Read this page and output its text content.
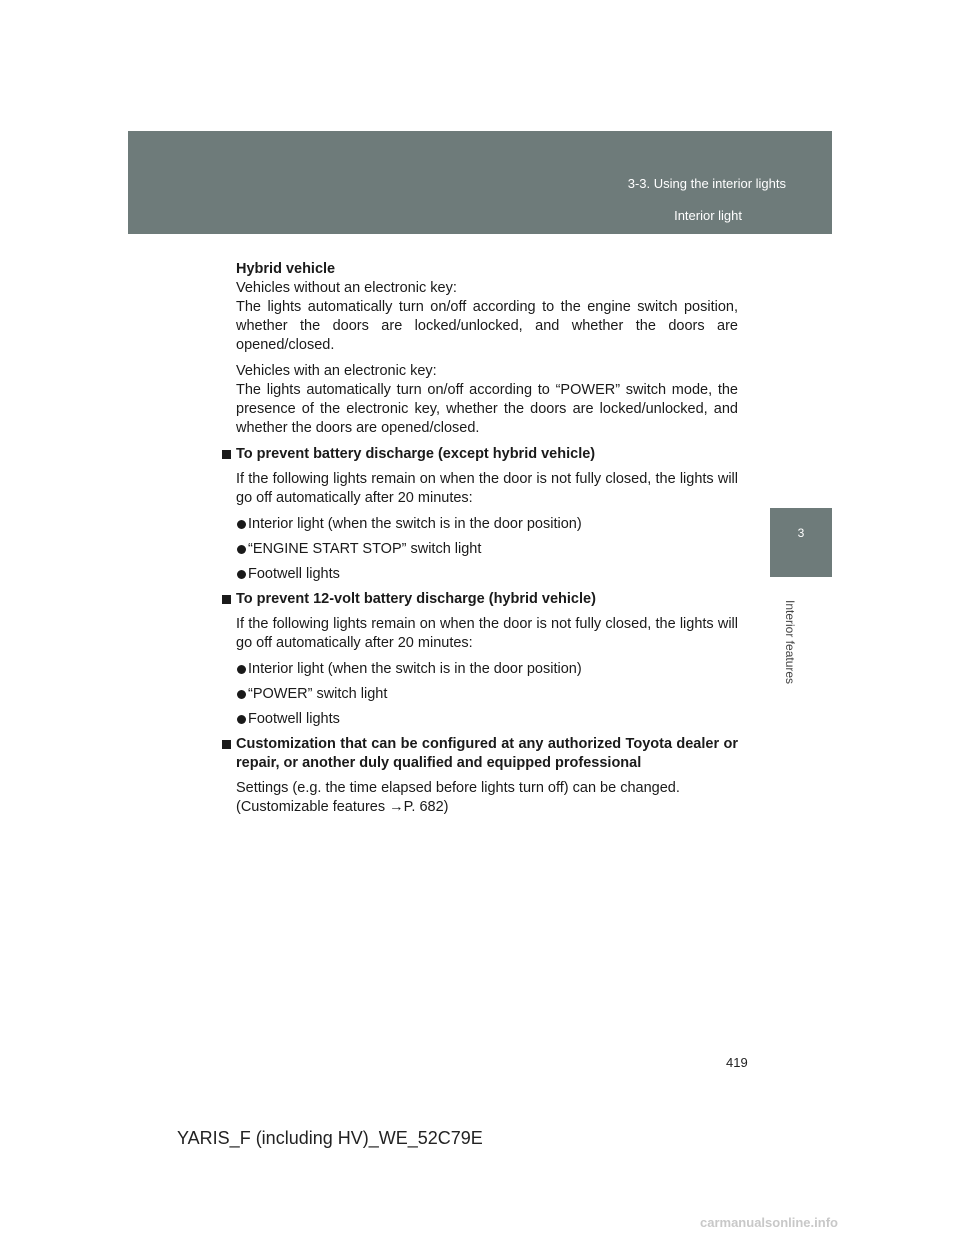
3-3. Using the interior lights
Interior light
3
Interior features
Hybrid vehicle
Vehicles without an electronic key:
The lights automatically turn on/off according to the engine switch position, whether the doors are locked/unlocked, and whether the doors are opened/closed.
Vehicles with an electronic key:
The lights automatically turn on/off according to “POWER” switch mode, the presence of the electronic key, whether the doors are locked/unlocked, and whether the doors are opened/closed.
To prevent battery discharge (except hybrid vehicle)
If the following lights remain on when the door is not fully closed, the lights will go off automatically after 20 minutes:
Interior light (when the switch is in the door position)
“ENGINE START STOP” switch light
Footwell lights
To prevent 12-volt battery discharge (hybrid vehicle)
If the following lights remain on when the door is not fully closed, the lights will go off automatically after 20 minutes:
Interior light (when the switch is in the door position)
“POWER” switch light
Footwell lights
Customization that can be configured at any authorized Toyota dealer or repair, or another duly qualified and equipped professional
Settings (e.g. the time elapsed before lights turn off) can be changed.
(Customizable features →P. 682)
419
YARIS_F (including HV)_WE_52C79E
carmanualsonline.info
